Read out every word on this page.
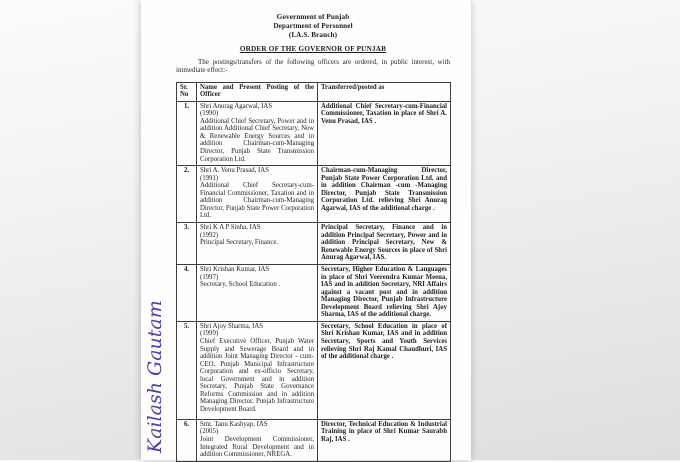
Government of Punjab
Department of Personnel
(I.A.S. Branch)
ORDER OF THE GOVERNOR OF PUNJAB

The postings/transfers of the following officers are ordered, in public interest, with immediate effect:-

Sr. No	Name and Present Posting of the Officer	Transferred/posted as
1.	Shri Anurag Agarwal, IAS
(1990)
Additional Chief Secretary, Power and in addition Additional Chief Secretary, New & Renewable Energy Sources and in addition Chairman-cum-Managing Director, Punjab State Transmission Corporation Ltd.	Additional Chief Secretary-cum-Financial Commissioner, Taxation in place of Shri A. Venu Prasad, IAS .
2.	Shri A. Venu Prasad, IAS
(1991)
Additional Chief Secretary-cum-Financial Commissioner, Taxation and in addition Chairman-cum-Managing Director, Punjab State Power Corporation Ltd.
	Chairman-cum-Managing Director, Punjab State Power Corporation Ltd. and in addition Chairman -cum -Managing Director, Punjab State Transmission Corporation Ltd. relieving Shri Anurag Agarwal, IAS of the additional charge .
3.	Shri K A P Sinha, IAS
(1992)
Principal Secretary, Finance.	Principal Secretary, Finance and in addition Principal Secretary, Power and in addition Principal Secretary, New & Renewable Energy Sources in place of Shri Anurag Agarwal, IAS.
4.	Shri Krishan Kumar, IAS
(1997)
Secretary, School Education .
	Secretary, Higher Education & Languages in place of Shri Veerendra Kumar Meena, IAS and in addition Secretary, NRI Affairs against a vacant post and in addition Managing Director, Punjab Infrastructure Development Board relieving Shri Ajoy Sharma, IAS of the additional charge.
5.	Shri Ajoy Sharma, IAS
(1999)
Chief Executive Officer, Punjab Water Supply and Sewerage Board and in addition Joint Managing Director - cum- CEO, Punjab Municipal Infrastructure Corporation and ex-officio Secretary, local Government and in addition Secretary, Punjab State Governance Reforms Commission and in addition Managing Director, Punjab Infrastructure Development Board.	Secretary, School Education in place of Shri Krishan Kumar, IAS and in addition Secretary, Sports and Youth Services relieving Shri Raj Kamal Chaudhuri, IAS of the additional charge .
6.	Smt. Tanu Kashyap, IAS
(2005)
Joint Development Commissioner, Integrated Rural Development and in addition Commissioner, NREGA.	Director, Technical Education & Industrial Training in place of Shri Kumar Saurabh Raj, IAS .
Kailash Gautam
